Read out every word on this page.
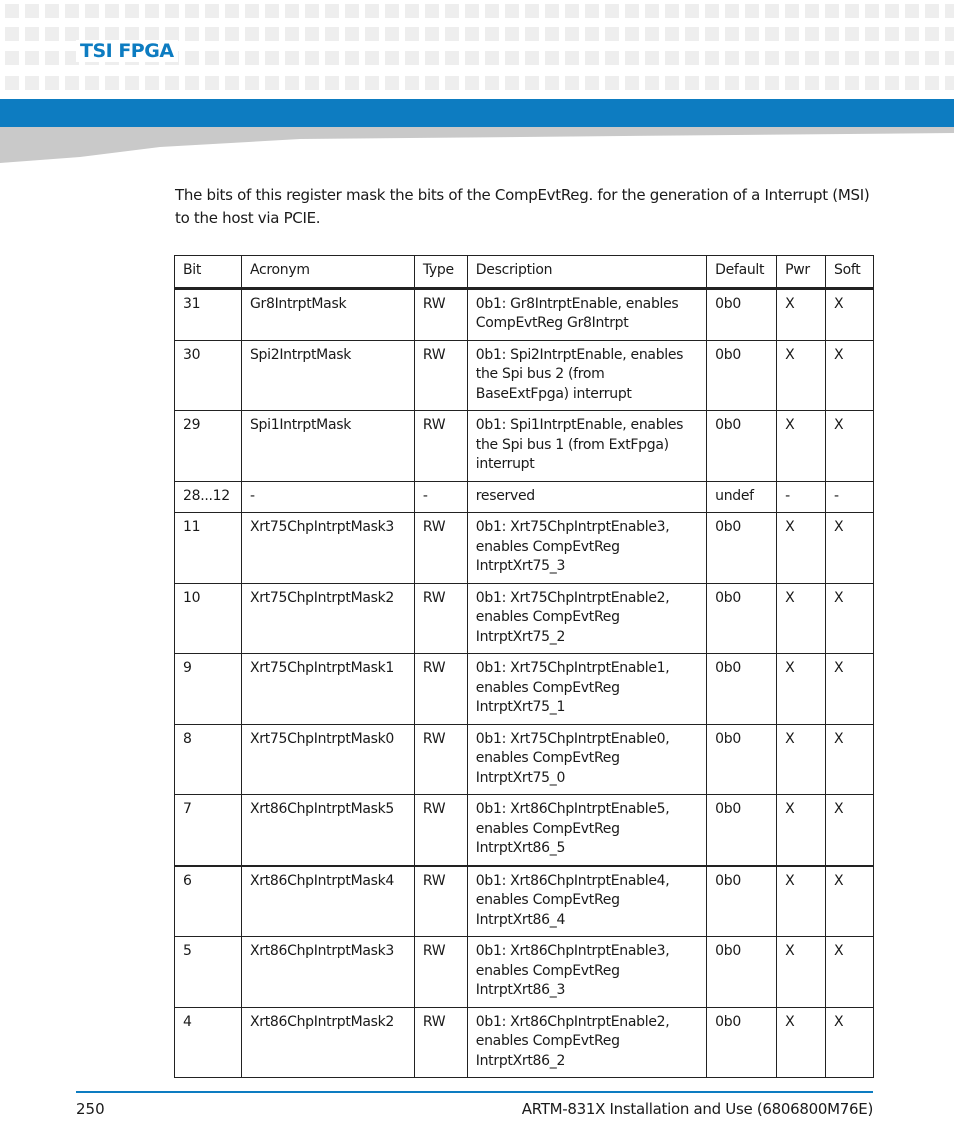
TSI FPGA
The bits of this register mask the bits of the CompEvtReg. for the generation of a Interrupt (MSI) to the host via PCIE.
Bit	Acronym	Type	Description	Default	Pwr	Soft
31	Gr8IntrptMask	RW	0b1: Gr8IntrptEnable, enables CompEvtReg Gr8Intrpt	0b0	X	X
30	Spi2IntrptMask	RW	0b1: Spi2IntrptEnable, enables the Spi bus 2 (from BaseExtFpga) interrupt	0b0	X	X
29	Spi1IntrptMask	RW	0b1: Spi1IntrptEnable, enables the Spi bus 1 (from ExtFpga) interrupt	0b0	X	X
28...12	-	-	reserved	undef	-	-
11	Xrt75ChpIntrptMask3	RW	0b1: Xrt75ChpIntrptEnable3, enables CompEvtReg IntrptXrt75_3	0b0	X	X
10	Xrt75ChpIntrptMask2	RW	0b1: Xrt75ChpIntrptEnable2, enables CompEvtReg IntrptXrt75_2	0b0	X	X
9	Xrt75ChpIntrptMask1	RW	0b1: Xrt75ChpIntrptEnable1, enables CompEvtReg IntrptXrt75_1	0b0	X	X
8	Xrt75ChpIntrptMask0	RW	0b1: Xrt75ChpIntrptEnable0, enables CompEvtReg IntrptXrt75_0	0b0	X	X
7	Xrt86ChpIntrptMask5	RW	0b1: Xrt86ChpIntrptEnable5, enables CompEvtReg IntrptXrt86_5	0b0	X	X
6	Xrt86ChpIntrptMask4	RW	0b1: Xrt86ChpIntrptEnable4, enables CompEvtReg IntrptXrt86_4	0b0	X	X
5	Xrt86ChpIntrptMask3	RW	0b1: Xrt86ChpIntrptEnable3, enables CompEvtReg IntrptXrt86_3	0b0	X	X
4	Xrt86ChpIntrptMask2	RW	0b1: Xrt86ChpIntrptEnable2, enables CompEvtReg IntrptXrt86_2	0b0	X	X
250	ARTM-831X Installation and Use (6806800M76E)
